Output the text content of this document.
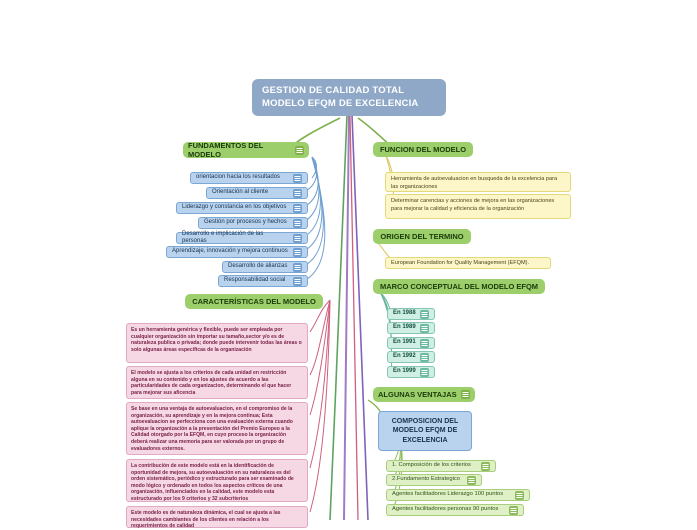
GESTION DE CALIDAD TOTAL MODELO EFQM DE EXCELENCIA
FUNDAMENTOS DEL MODELO
orientacion hacia los resultados
Orientación al cliente
Liderazgo y constancia en los objetivos
Gestión por procesos y hechos
Desarrollo e implicación de las personas
Aprendizaje, innovación y mejora continuos
Desarrollo de alianzas
Responsabilidad social
CARACTERÍSTICAS DEL MODELO
Es un herramienta genérica y flexible, puede ser empleada por cualquier organización sin importar su tamaño,sector y/o es de naturaleza publica o privada; donde puede intervenir todas las áreas o solo algunas áreas especificas de la organización
El modelo se ajusta a los criterios de cada unidad en restricción alguna en su contenido y en los ajustes de acuerdo a las particularidades de cada organizacion, determinando el que hacer para mejorar sus aficencia
Se base en una ventaja de autoevaluacion, en el compromiso de la organización, su aprendizaje y en la mejora continua; Esta autoevaluacion se perfecciona con una evaluación externa cuando aplique la organización a la presentación del Premio Europeo a la Calidad otorgado por la EFQM, en cuyo proceso la organización deberá realizar una memoria para ser valorada por un grupo de evaluadores externos.
La contribución de este modelo está en la identificación de oportunidad de mejora, su autoevaluación en su naturaleza es del orden sistemático, periódico y estructurado para ser examinado de modo lógico y ordenado en todos los aspectos críticos de una organización, influenciados en la calidad, este modelo esta estructurado por los 9 criterios y 32 subcriterios
Este modelo es de naturaleza dinámica, el cual se ajusta a las necesidades cambiantes de los clientes en relación a los requerimientos de calidad
FUNCION DEL MODELO
Herramienta de autoevaluacion en busqueda de la excelencia para las organizaciones
Determinar carencias y acciones de mejora en las organizaciones para mejorar la calidad y eficiencia de la organización
ORIGEN DEL TERMINO
European Foundation for Quality Management (EFQM).
MARCO CONCEPTUAL DEL MODELO EFQM
En 1988
En 1989
En 1991
En 1992
En 1999
ALGUNAS VENTAJAS
COMPOSICION DEL MODELO EFQM DE EXCELENCIA
1. Composición de los criterios
2.Fundamento Estrategico
Agentes facilitadores Liderazgo 100 puntos
Agentes facilitadores personas 90 puntos
